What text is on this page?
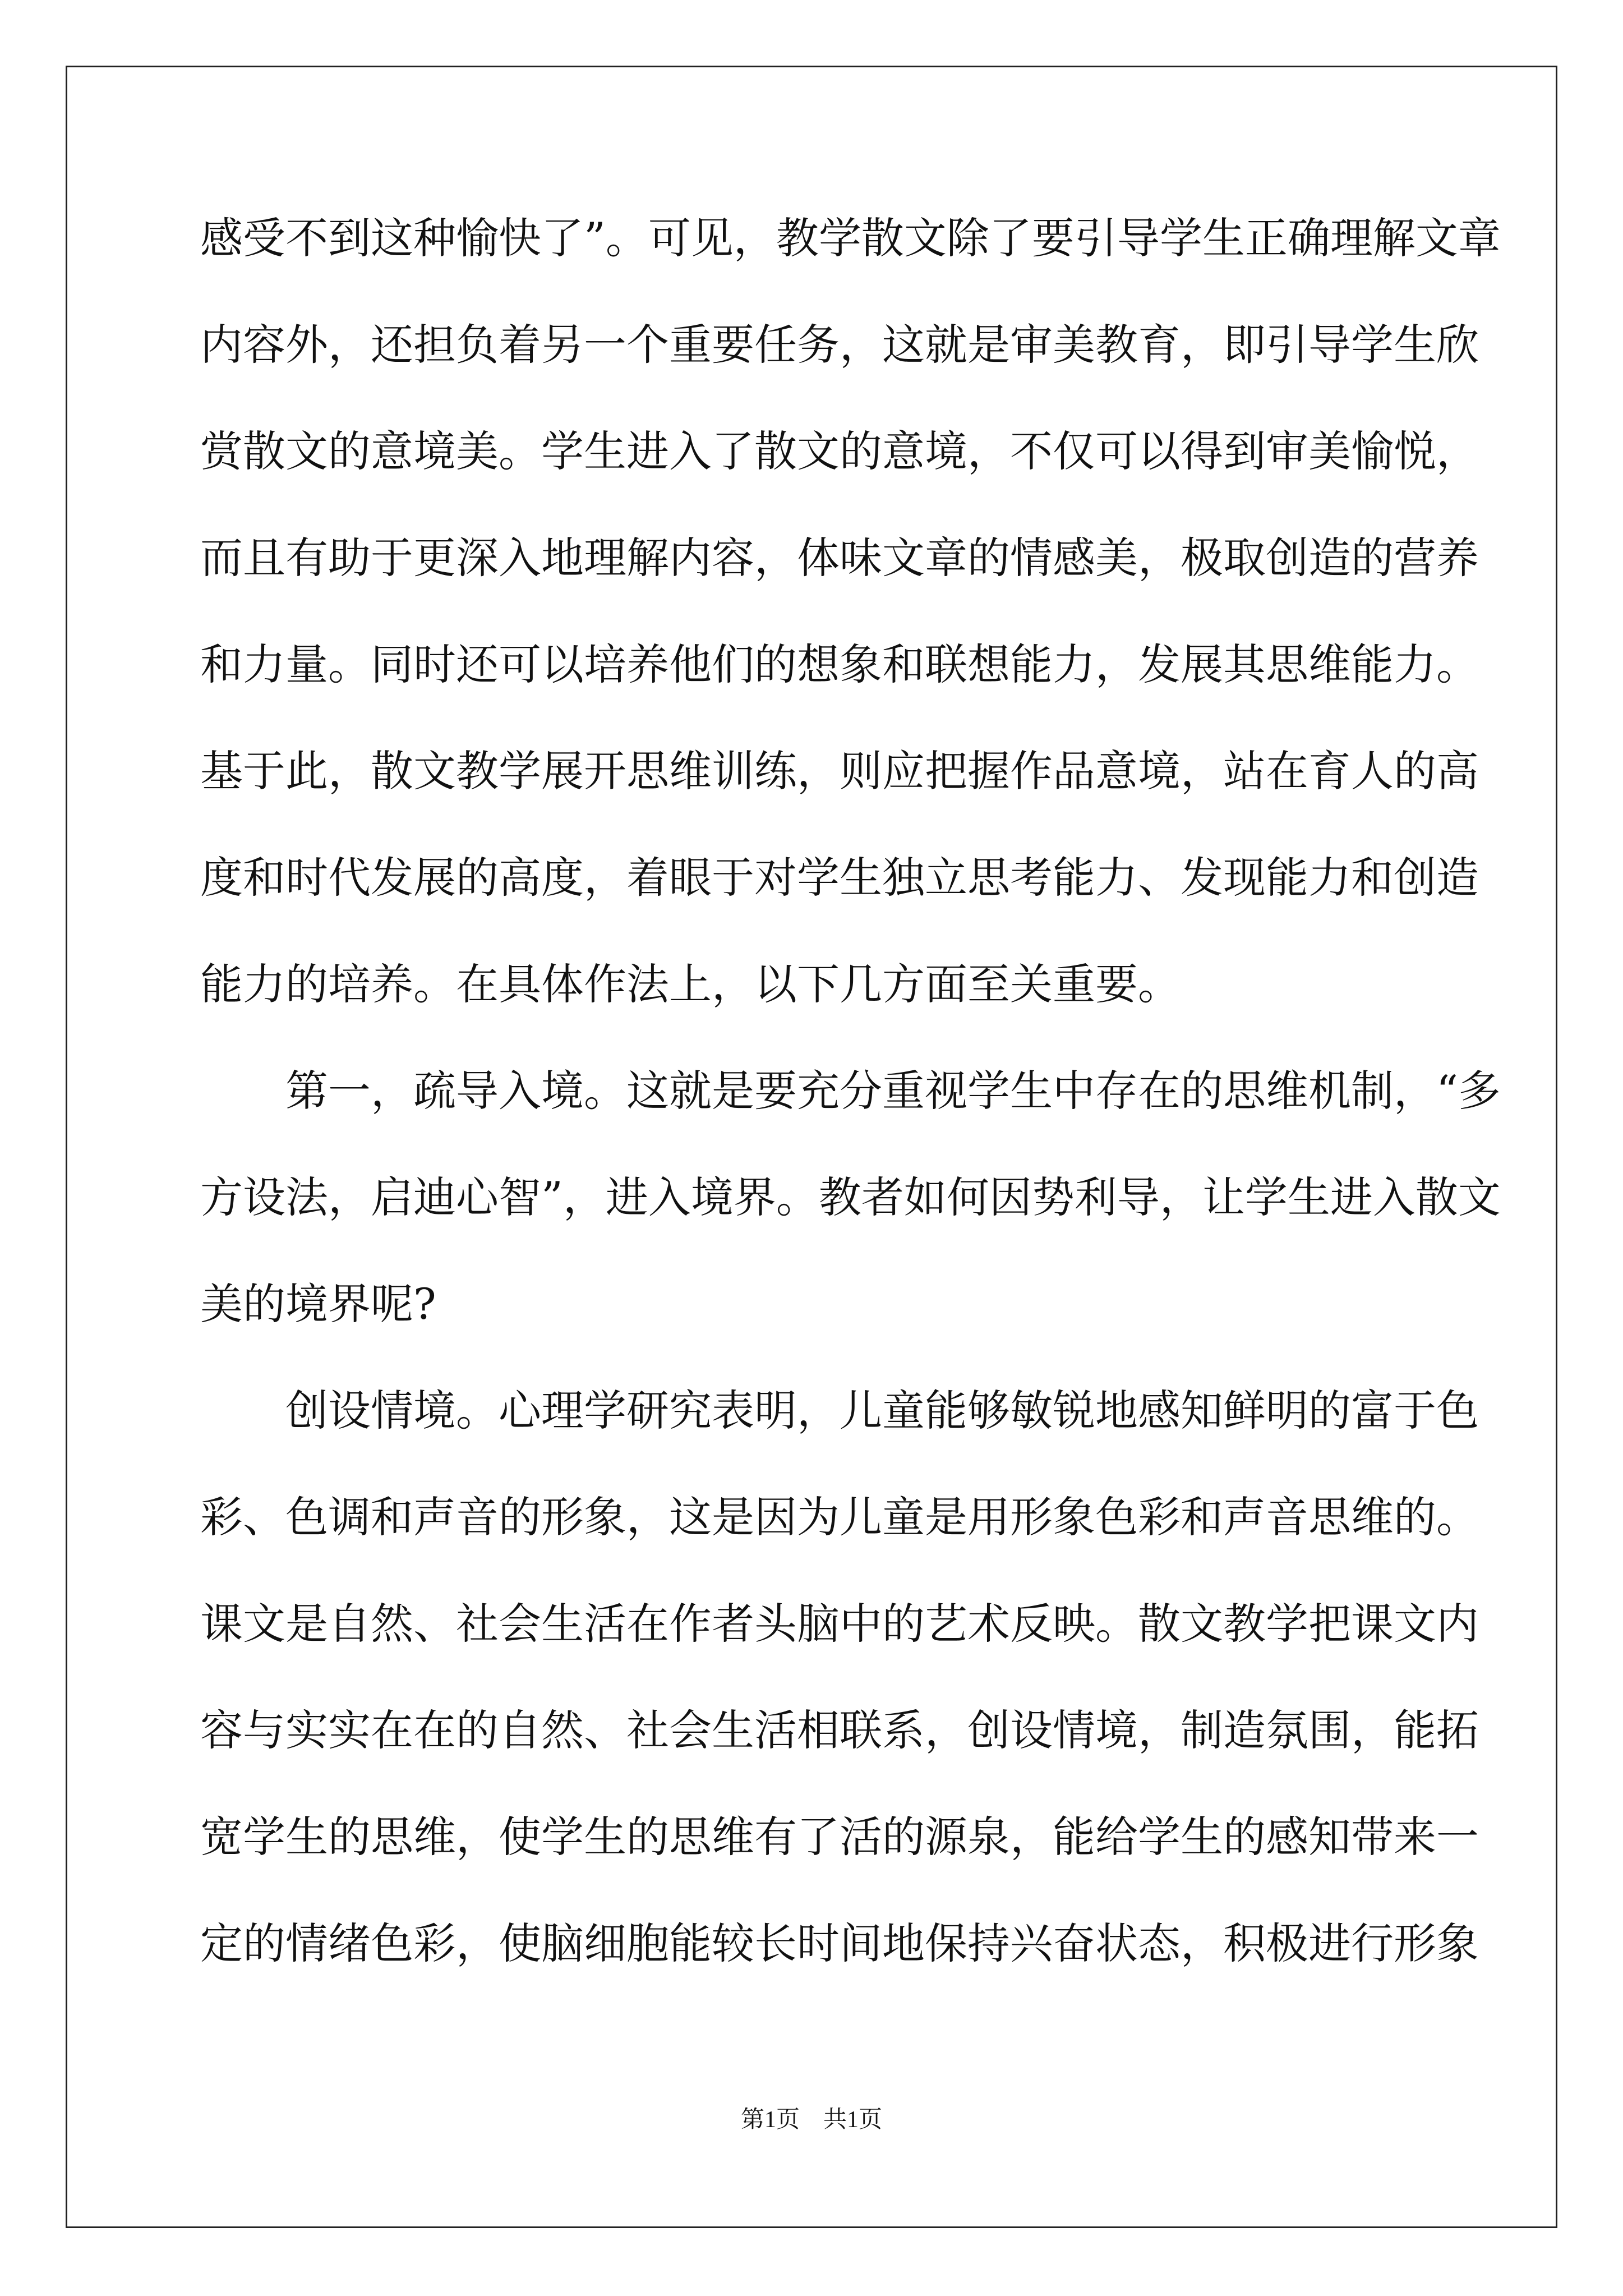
感受不到这种愉快了”。可见，教学散文除了要引导学生正确理解文章
内容外，还担负着另一个重要任务，这就是审美教育，即引导学生欣
赏散文的意境美。学生进入了散文的意境，不仅可以得到审美愉悦，
而且有助于更深入地理解内容，体味文章的情感美，极取创造的营养
和力量。同时还可以培养他们的想象和联想能力，发展其思维能力。
基于此，散文教学展开思维训练，则应把握作品意境，站在育人的高
度和时代发展的高度，着眼于对学生独立思考能力、发现能力和创造
能力的培养。在具体作法上，以下几方面至关重要。
第一，疏导入境。这就是要充分重视学生中存在的思维机制，“多
方设法，启迪心智”，进入境界。教者如何因势利导，让学生进入散文
美的境界呢?
创设情境。心理学研究表明，儿童能够敏锐地感知鲜明的富于色
彩、色调和声音的形象，这是因为儿童是用形象色彩和声音思维的。
课文是自然、社会生活在作者头脑中的艺术反映。散文教学把课文内
容与实实在在的自然、社会生活相联系，创设情境，制造氛围，能拓
宽学生的思维，使学生的思维有了活的源泉，能给学生的感知带来一
定的情绪色彩，使脑细胞能较长时间地保持兴奋状态，积极进行形象
第1页　共1页
